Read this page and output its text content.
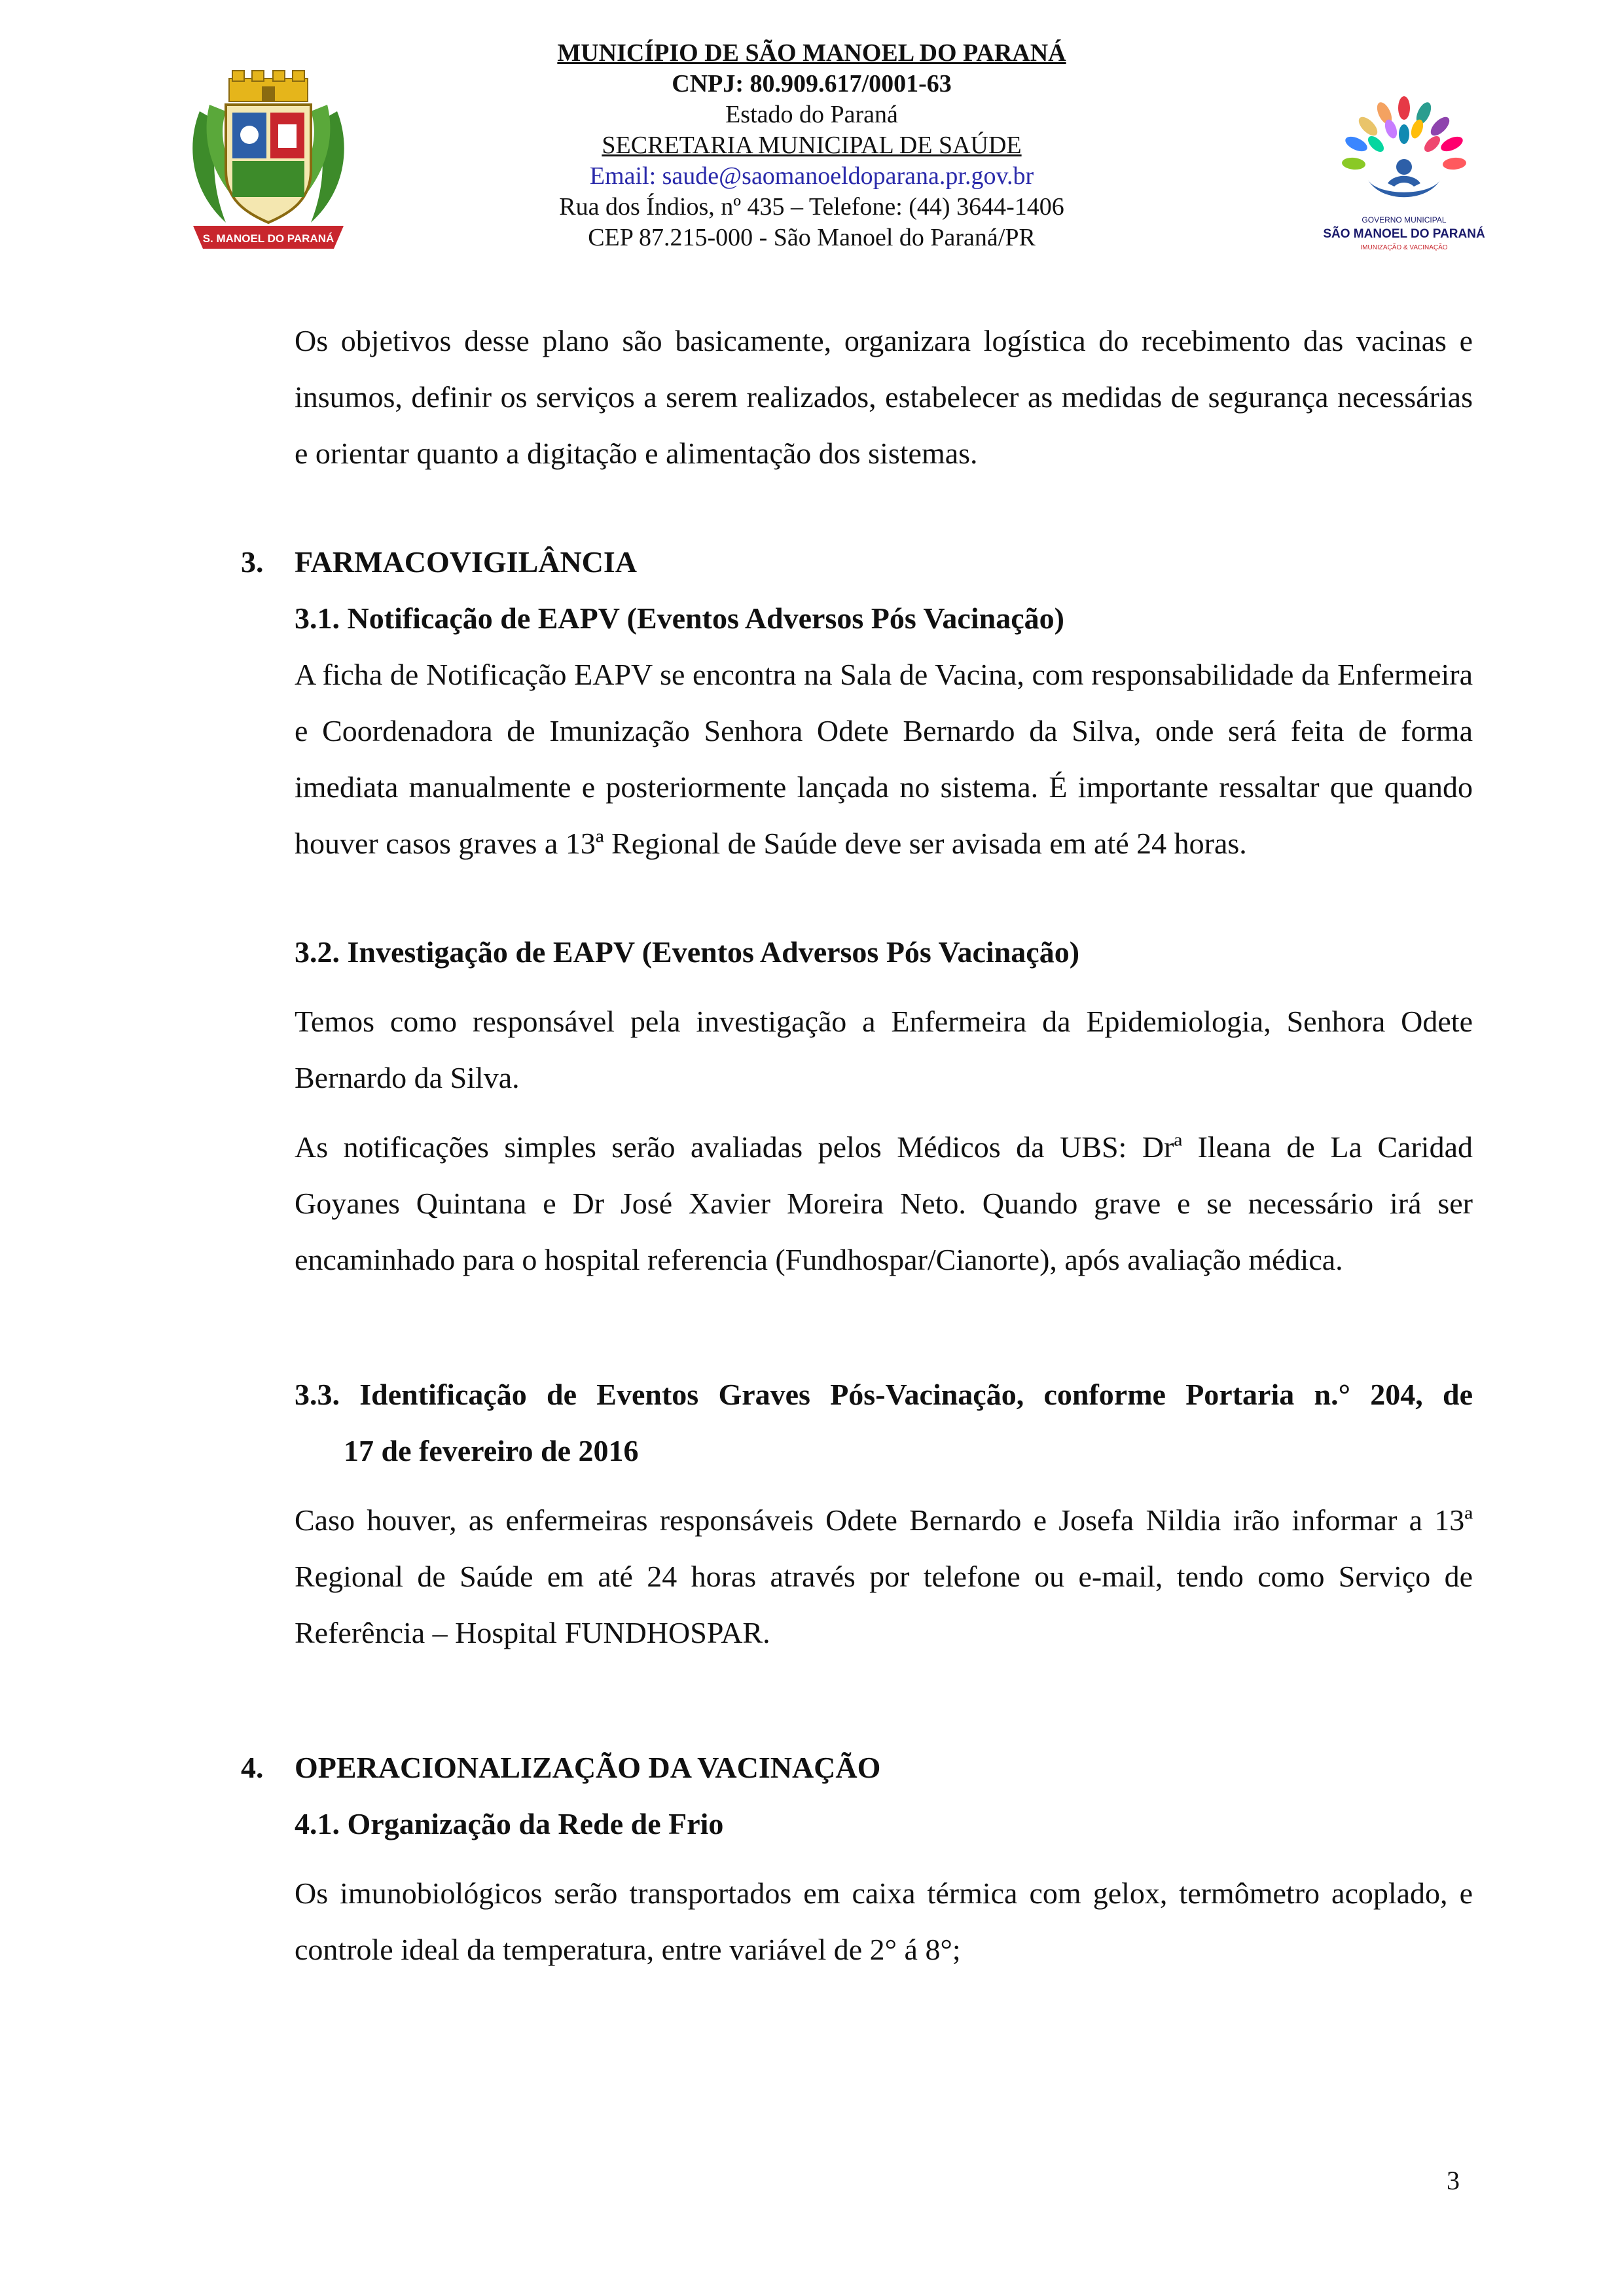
S. MANOEL DO PARANÁ
MUNICÍPIO DE SÃO MANOEL DO PARANÁ
CNPJ: 80.909.617/0001-63
Estado do Paraná
SECRETARIA MUNICIPAL DE SAÚDE
Email: saude@saomanoeldoparana.pr.gov.br
Rua dos Índios, nº 435 – Telefone: (44) 3644-1406
CEP 87.215-000 - São Manoel do Paraná/PR
GOVERNO MUNICIPAL
SÃO MANOEL DO PARANÁ
IMUNIZAÇÃO & VACINAÇÃO

Os objetivos desse plano são basicamente, organizara logística do recebimento das vacinas e insumos, definir os serviços a serem realizados, estabelecer as medidas de segurança necessárias e orientar quanto a digitação e alimentação dos sistemas.

3. FARMACOVIGILÂNCIA
3.1. Notificação de EAPV (Eventos Adversos Pós Vacinação)

A ficha de Notificação EAPV se encontra na Sala de Vacina, com responsabilidade da Enfermeira e Coordenadora de Imunização Senhora Odete Bernardo da Silva, onde será feita de forma imediata manualmente e posteriormente lançada no sistema. É importante ressaltar que quando houver casos graves a 13ª Regional de Saúde deve ser avisada em até 24 horas.

3.2. Investigação de EAPV (Eventos Adversos Pós Vacinação)

Temos como responsável pela investigação a Enfermeira da Epidemiologia, Senhora Odete Bernardo da Silva.

As notificações simples serão avaliadas pelos Médicos da UBS: Drª Ileana de La Caridad Goyanes Quintana e Dr José Xavier Moreira Neto. Quando grave e se necessário irá ser encaminhado para o hospital referencia (Fundhospar/Cianorte), após avaliação médica.

3.3. Identificação de Eventos Graves Pós-Vacinação, conforme Portaria n.° 204, de
17 de fevereiro de 2016

Caso houver, as enfermeiras responsáveis Odete Bernardo e Josefa Nildia irão informar a 13ª Regional de Saúde em até 24 horas através por telefone ou e-mail, tendo como Serviço de Referência – Hospital FUNDHOSPAR.

4. OPERACIONALIZAÇÃO DA VACINAÇÃO
4.1. Organização da Rede de Frio

Os imunobiológicos serão transportados em caixa térmica com gelox, termômetro acoplado, e controle ideal da temperatura, entre variável de 2° á 8°;

3
